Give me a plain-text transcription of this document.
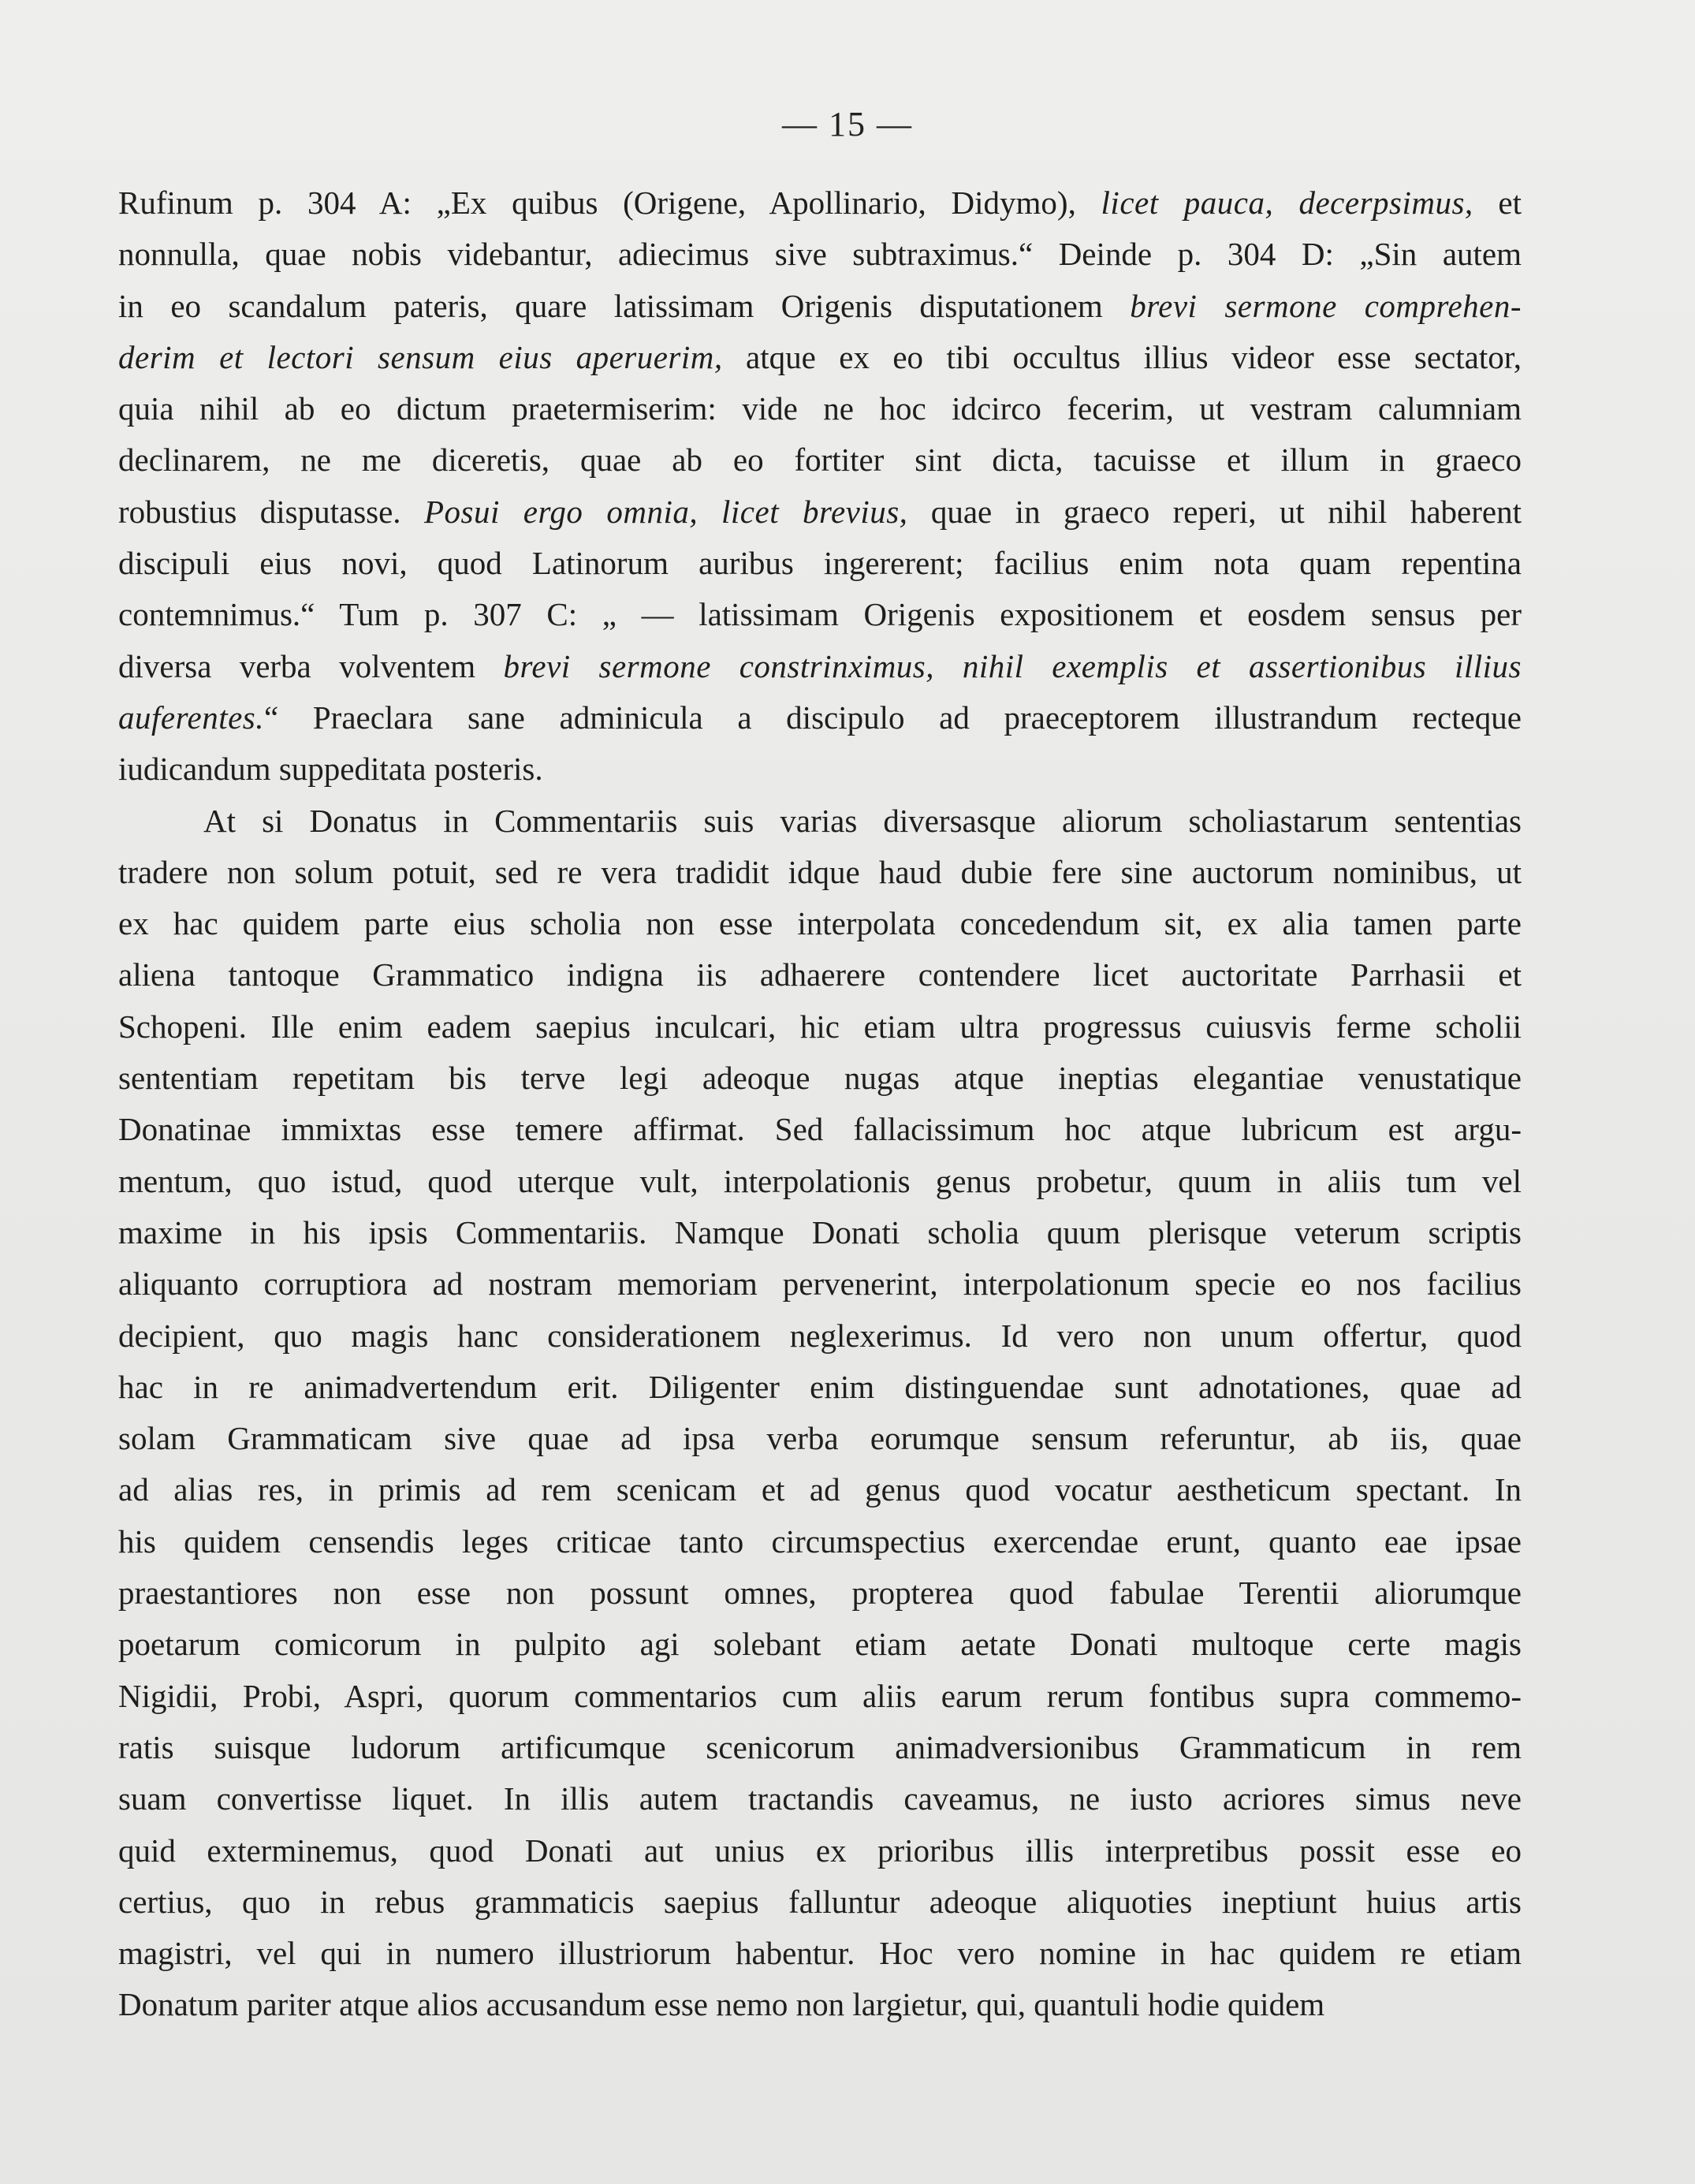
— 15 —
Rufinum p. 304 A: „Ex quibus (Origene, Apollinario, Didymo), licet pauca, decerpsimus, et
nonnulla, quae nobis videbantur, adiecimus sive subtraximus.“ Deinde p. 304 D: „Sin autem
in eo scandalum pateris, quare latissimam Origenis disputationem brevi sermone comprehen-
derim et lectori sensum eius aperuerim, atque ex eo tibi occultus illius videor esse sectator,
quia nihil ab eo dictum praetermiserim: vide ne hoc idcirco fecerim, ut vestram calumniam
declinarem, ne me diceretis, quae ab eo fortiter sint dicta, tacuisse et illum in graeco
robustius disputasse. Posui ergo omnia, licet brevius, quae in graeco reperi, ut nihil haberent
discipuli eius novi, quod Latinorum auribus ingererent; facilius enim nota quam repentina
contemnimus.“ Tum p. 307 C: „ — latissimam Origenis expositionem et eosdem sensus per
diversa verba volventem brevi sermone constrinximus, nihil exemplis et assertionibus illius
auferentes.“ Praeclara sane adminicula a discipulo ad praeceptorem illustrandum recteque
iudicandum suppeditata posteris.
At si Donatus in Commentariis suis varias diversasque aliorum scholiastarum sententias
tradere non solum potuit, sed re vera tradidit idque haud dubie fere sine auctorum nominibus, ut
ex hac quidem parte eius scholia non esse interpolata concedendum sit, ex alia tamen parte
aliena tantoque Grammatico indigna iis adhaerere contendere licet auctoritate Parrhasii et
Schopeni. Ille enim eadem saepius inculcari, hic etiam ultra progressus cuiusvis ferme scholii
sententiam repetitam bis terve legi adeoque nugas atque ineptias elegantiae venustatique
Donatinae immixtas esse temere affirmat. Sed fallacissimum hoc atque lubricum est argu-
mentum, quo istud, quod uterque vult, interpolationis genus probetur, quum in aliis tum vel
maxime in his ipsis Commentariis. Namque Donati scholia quum plerisque veterum scriptis
aliquanto corruptiora ad nostram memoriam pervenerint, interpolationum specie eo nos facilius
decipient, quo magis hanc considerationem neglexerimus. Id vero non unum offertur, quod
hac in re animadvertendum erit. Diligenter enim distinguendae sunt adnotationes, quae ad
solam Grammaticam sive quae ad ipsa verba eorumque sensum referuntur, ab iis, quae
ad alias res, in primis ad rem scenicam et ad genus quod vocatur aestheticum spectant. In
his quidem censendis leges criticae tanto circumspectius exercendae erunt, quanto eae ipsae
praestantiores non esse non possunt omnes, propterea quod fabulae Terentii aliorumque
poetarum comicorum in pulpito agi solebant etiam aetate Donati multoque certe magis
Nigidii, Probi, Aspri, quorum commentarios cum aliis earum rerum fontibus supra commemo-
ratis suisque ludorum artificumque scenicorum animadversionibus Grammaticum in rem
suam convertisse liquet. In illis autem tractandis caveamus, ne iusto acriores simus neve
quid exterminemus, quod Donati aut unius ex prioribus illis interpretibus possit esse eo
certius, quo in rebus grammaticis saepius falluntur adeoque aliquoties ineptiunt huius artis
magistri, vel qui in numero illustriorum habentur. Hoc vero nomine in hac quidem re etiam
Donatum pariter atque alios accusandum esse nemo non largietur, qui, quantuli hodie quidem
